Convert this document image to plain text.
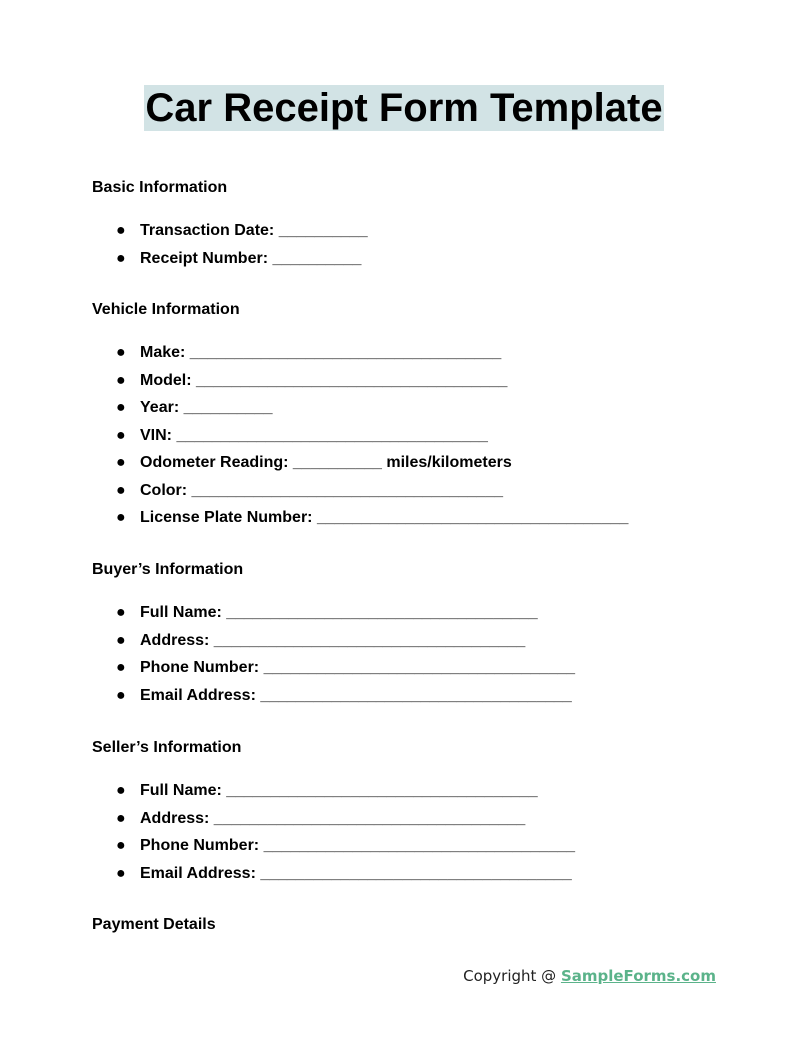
Car Receipt Form Template
Basic Information
● Transaction Date: __________
● Receipt Number: __________
Vehicle Information
● Make: ___________________________________
● Model: ___________________________________
● Year: __________
● VIN: ___________________________________
● Odometer Reading: __________ miles/kilometers
● Color: ___________________________________
● License Plate Number: ___________________________________
Buyer’s Information
● Full Name: ___________________________________
● Address: ___________________________________
● Phone Number: ___________________________________
● Email Address: ___________________________________
Seller’s Information
● Full Name: ___________________________________
● Address: ___________________________________
● Phone Number: ___________________________________
● Email Address: ___________________________________
Payment Details
Copyright @ SampleForms.com
